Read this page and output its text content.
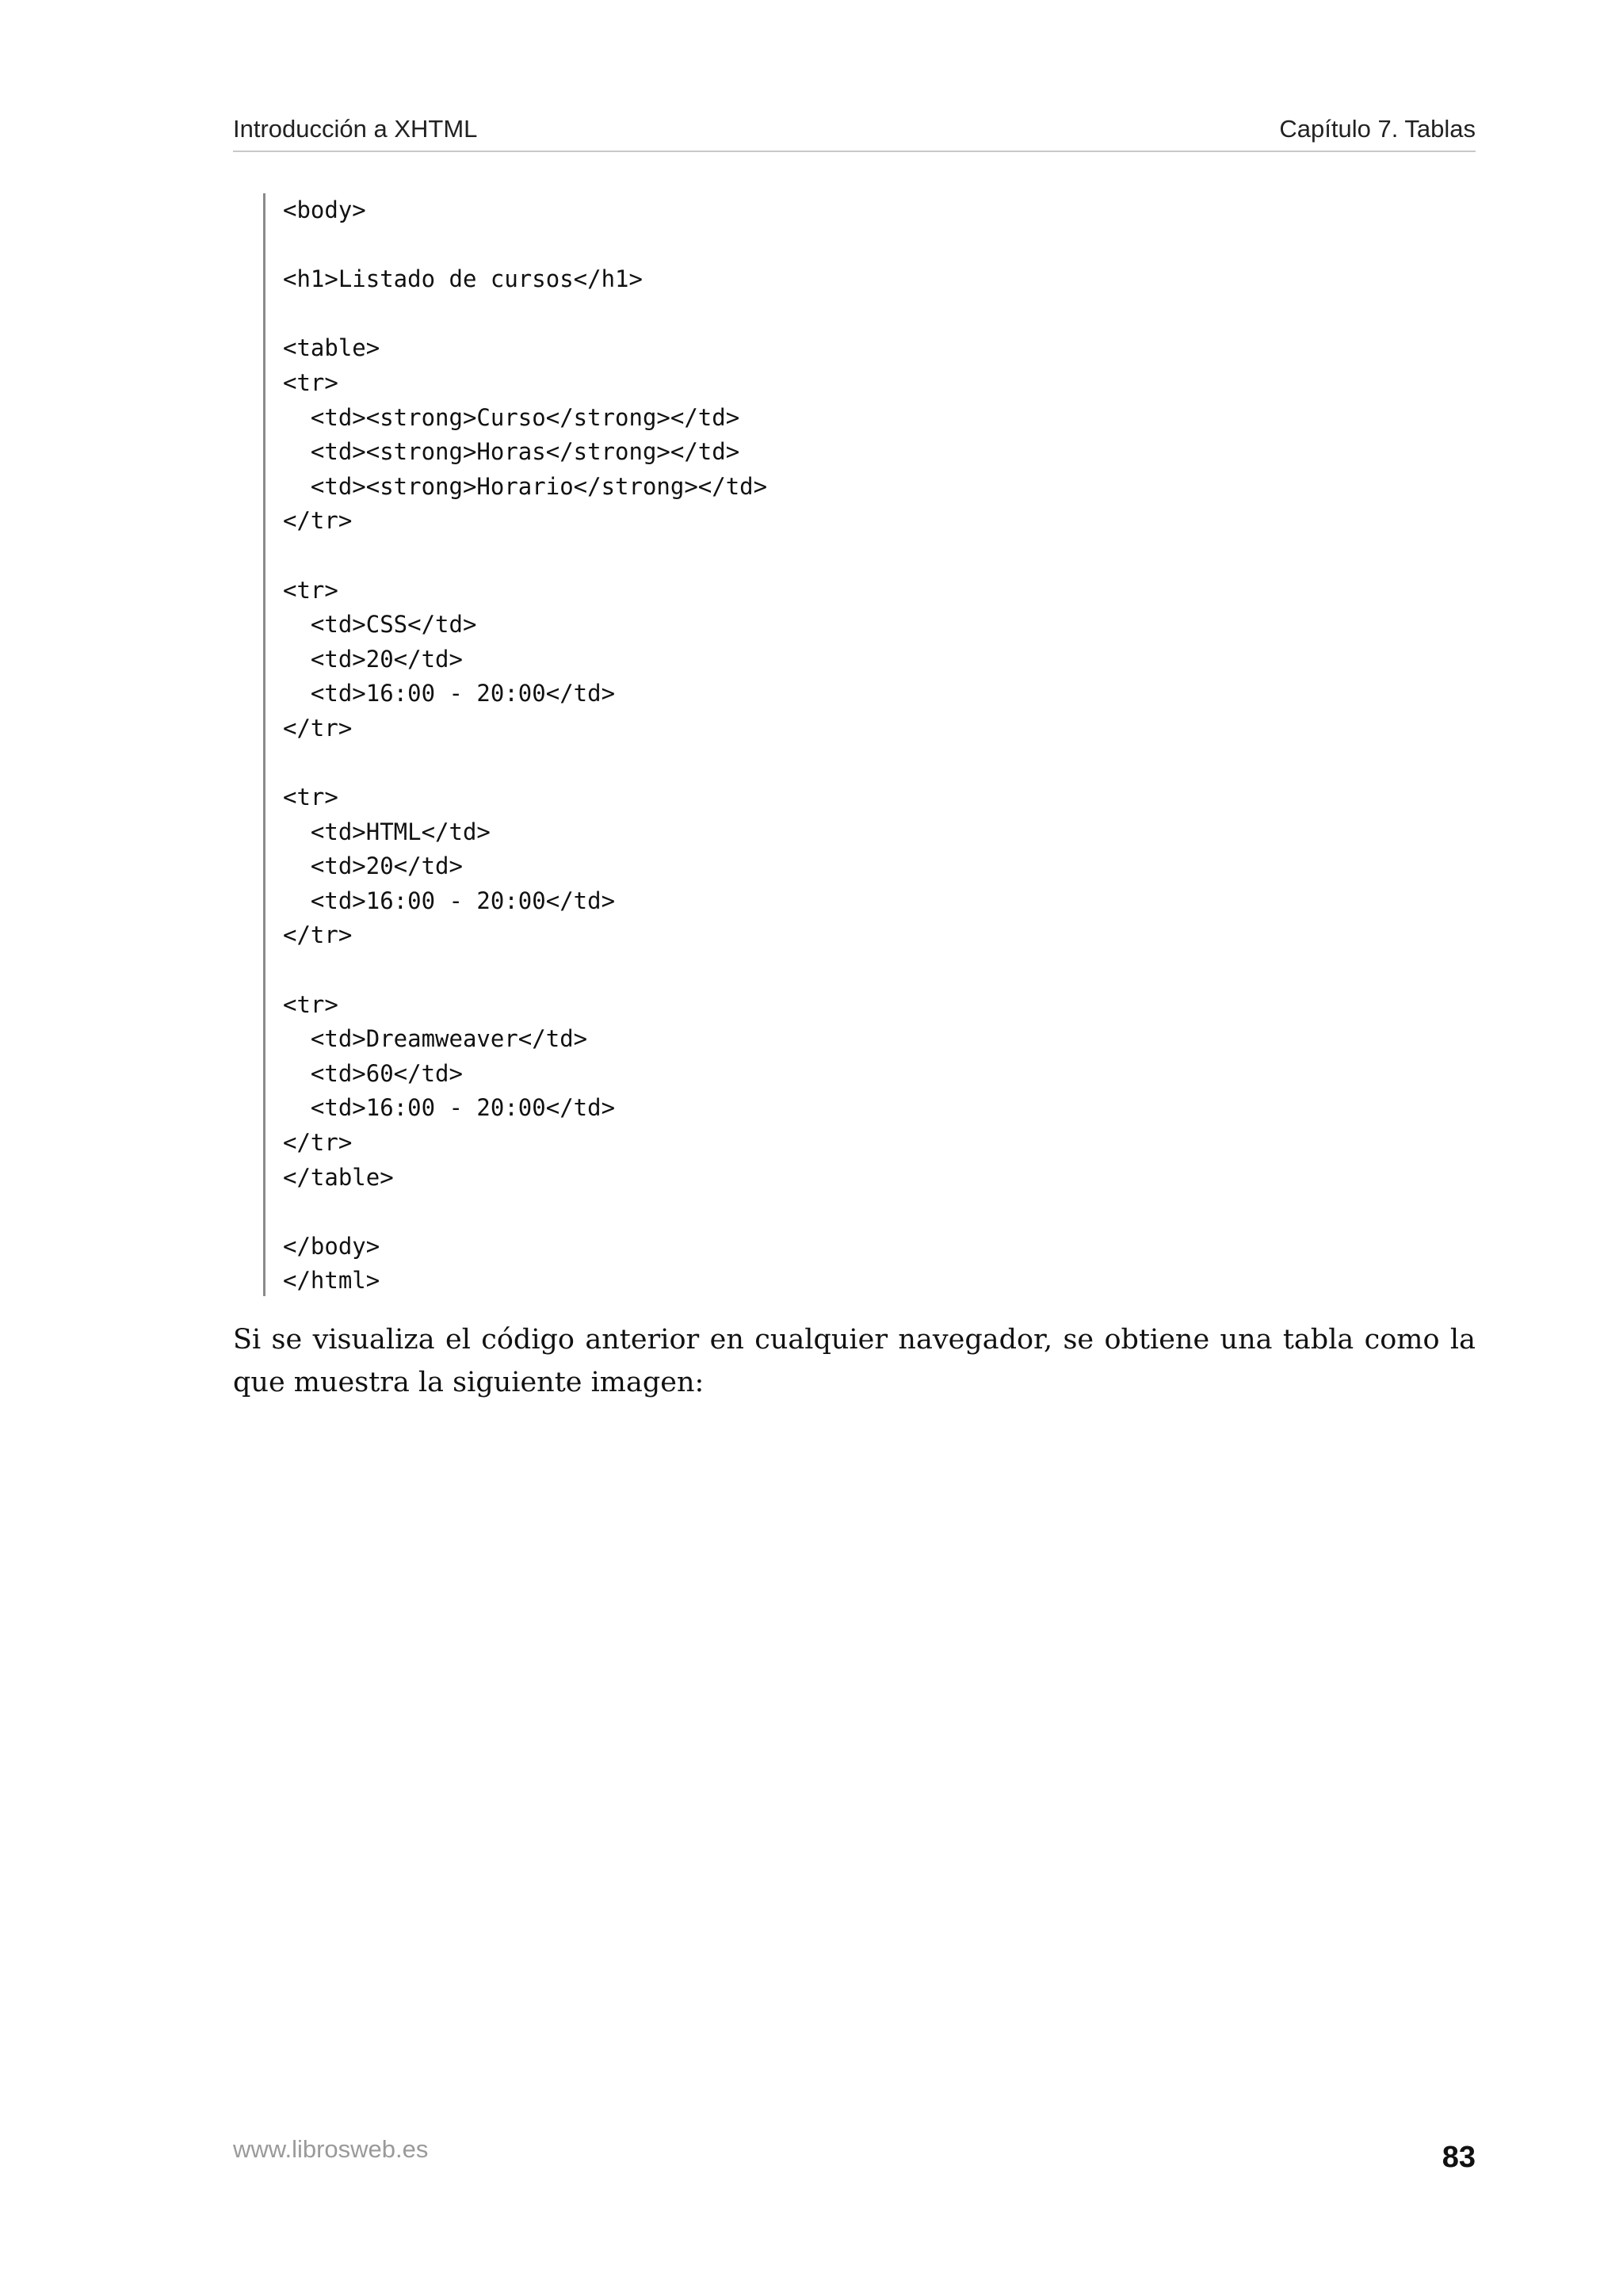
Introducción a XHTML	Capítulo 7. Tablas
<body>
<h1>Listado de cursos</h1>
<table>
<tr>
<td><strong>Curso</strong></td>
<td><strong>Horas</strong></td>
<td><strong>Horario</strong></td>
</tr>
<tr>
<td>CSS</td>
<td>20</td>
<td>16:00 - 20:00</td>
</tr>
<tr>
<td>HTML</td>
<td>20</td>
<td>16:00 - 20:00</td>
</tr>
<tr>
<td>Dreamweaver</td>
<td>60</td>
<td>16:00 - 20:00</td>
</tr>
</table>
</body>
</html>

Si se visualiza el código anterior en cualquier navegador, se obtiene una tabla como la que muestra la siguiente imagen:

www.librosweb.es	83
